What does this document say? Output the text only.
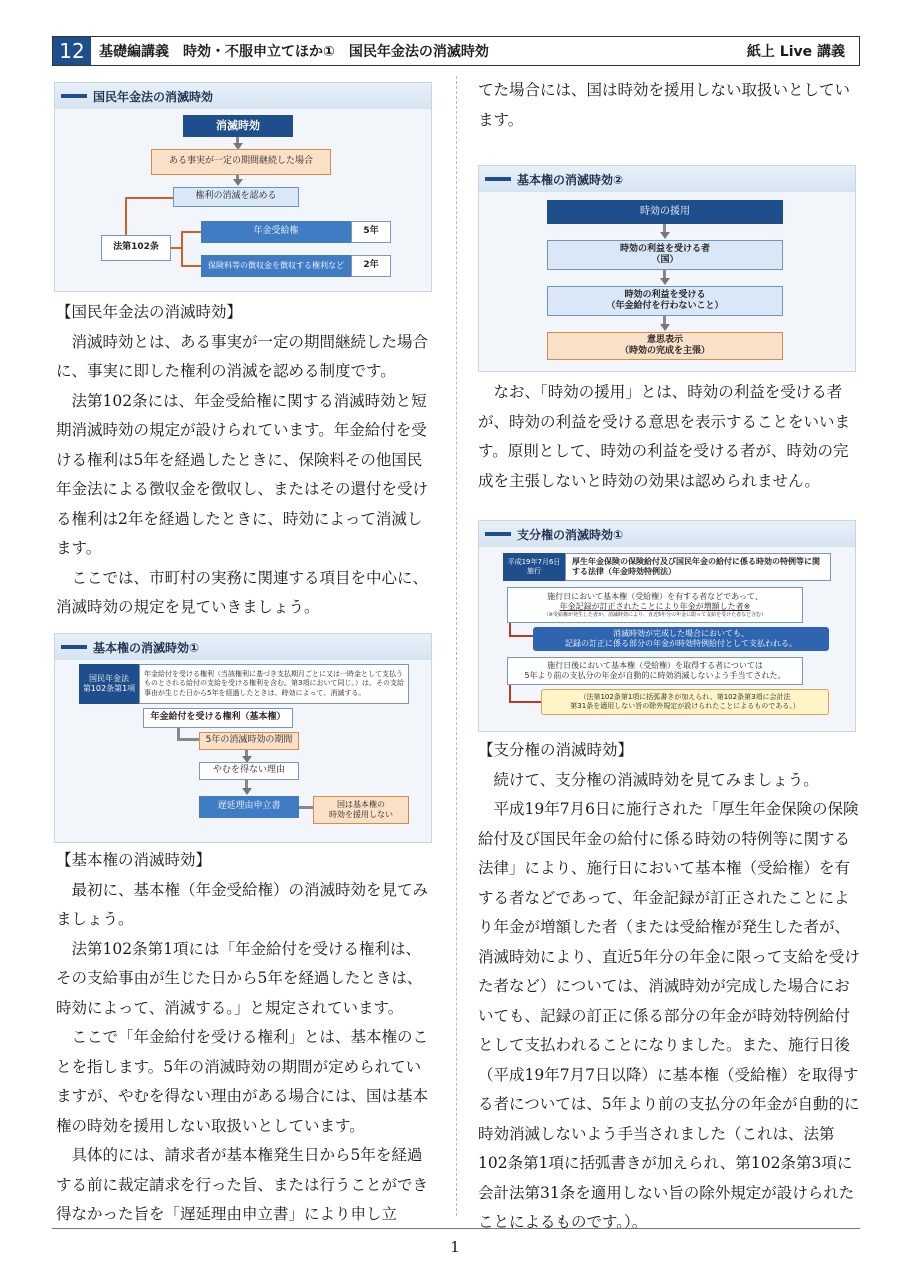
12	基礎編講義　時効・不服申立てほか①　国民年金法の消滅時効	紙上 Live 講義
国民年金法の消滅時効
消滅時効
ある事実が一定の期間継続した場合
権利の消滅を認める
法第102条
年金受給権	5年
保険料等の徴収金を徴収する権利など	2年

【国民年金法の消滅時効】

消滅時効とは、ある事実が一定の期間継続した場合に、事実に即した権利の消滅を認める制度です。

法第102条には、年金受給権に関する消滅時効と短期消滅時効の規定が設けられています。年金給付を受ける権利は5年を経過したときに、保険料その他国民年金法による徴収金を徴収し、またはその還付を受ける権利は2年を経過したときに、時効によって消滅します。

ここでは、市町村の実務に関連する項目を中心に、消滅時効の規定を見ていきましょう。

基本権の消滅時効①
国民年金法
第102条第1項
年金給付を受ける権利（当該権利に基づき支払期月ごとに又は一時金として支払うものとされる給付の支給を受ける権利を含む。第3項において同じ。）は、その支給事由が生じた日から5年を経過したときは、時効によって、消滅する。
年金給付を受ける権利（基本権）
5年の消滅時効の期間
やむを得ない理由
遅延理由申立書	国は基本権の
時効を援用しない

【基本権の消滅時効】

最初に、基本権（年金受給権）の消滅時効を見てみましょう。

法第102条第1項には「年金給付を受ける権利は、その支給事由が生じた日から5年を経過したときは、時効によって、消滅する。」と規定されています。

ここで「年金給付を受ける権利」とは、基本権のことを指します。5年の消滅時効の期間が定められていますが、やむを得ない理由がある場合には、国は基本権の時効を援用しない取扱いとしています。

具体的には、請求者が基本権発生日から5年を経過する前に裁定請求を行った旨、または行うことができ得なかった旨を「遅延理由申立書」により申し立

てた場合には、国は時効を援用しない取扱いとしています。

基本権の消滅時効②
時効の援用
時効の利益を受ける者
（国）
時効の利益を受ける
（年金給付を行わないこと）
意思表示
（時効の完成を主張）

なお、「時効の援用」とは、時効の利益を受ける者が、時効の利益を受ける意思を表示することをいいます。原則として、時効の利益を受ける者が、時効の完成を主張しないと時効の効果は認められません。

支分権の消滅時効①
平成19年7月6日
施行
厚生年金保険の保険給付及び国民年金の給付に係る時効の特例等に関する法律（年金時効特例法）
施行日において基本権（受給権）を有する者などであって、
年金記録が訂正されたことにより年金が増額した者※
（※受給権が発生した者が、消滅時効により、直近5年分の年金に限って支給を受けた者など含む）
消滅時効が完成した場合においても、
記録の訂正に係る部分の年金が時効特例給付として支払われる。
施行日後において基本権（受給権）を取得する者については
5年より前の支払分の年金が自動的に時効消滅しないよう手当てされた。
（法第102条第1項に括弧書きが加えられ、第102条第3項に会計法
第31条を適用しない旨の除外規定が設けられたことによるものである。）

【支分権の消滅時効】

続けて、支分権の消滅時効を見てみましょう。

平成19年7月6日に施行された「厚生年金保険の保険給付及び国民年金の給付に係る時効の特例等に関する法律」により、施行日において基本権（受給権）を有する者などであって、年金記録が訂正されたことにより年金が増額した者（または受給権が発生した者が、消滅時効により、直近5年分の年金に限って支給を受けた者など）については、消滅時効が完成した場合においても、記録の訂正に係る部分の年金が時効特例給付として支払われることになりました。また、施行日後（平成19年7月7日以降）に基本権（受給権）を取得する者については、5年より前の支払分の年金が自動的に時効消滅しないよう手当されました（これは、法第102条第1項に括弧書きが加えられ、第102条第3項に会計法第31条を適用しない旨の除外規定が設けられたことによるものです。）。

1
